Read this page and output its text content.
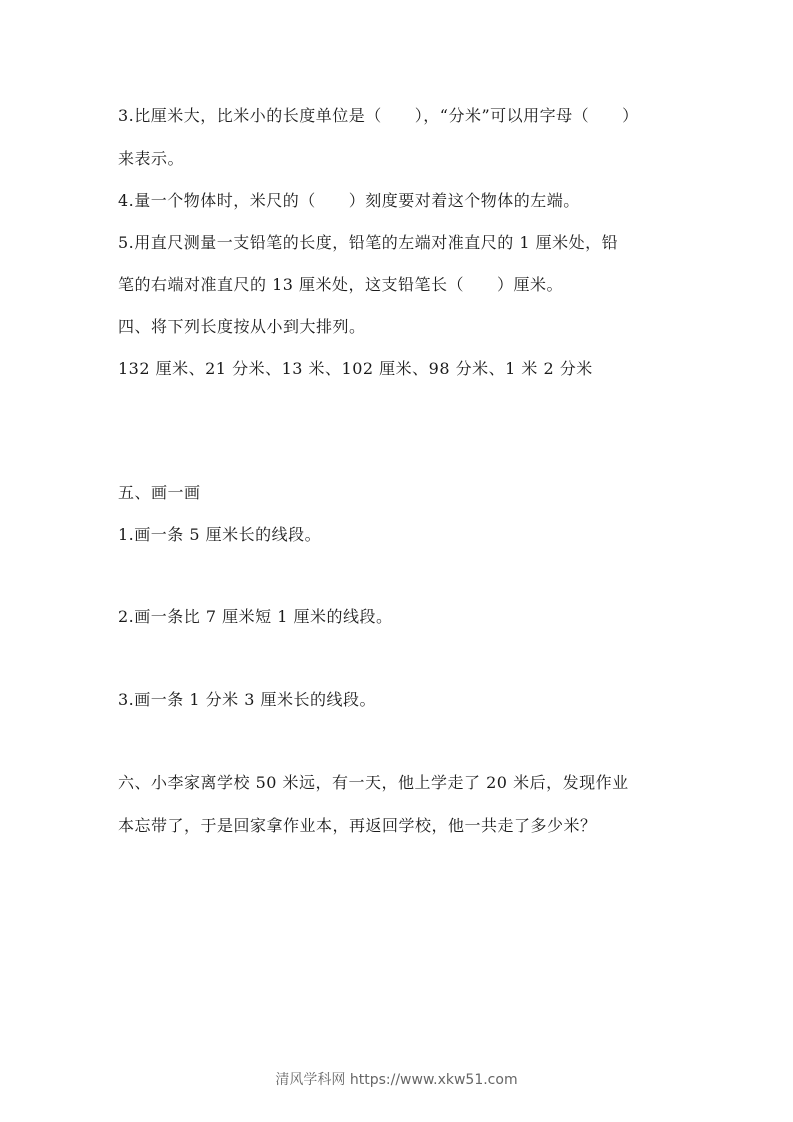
3.比厘米大，比米小的长度单位是（　　），“分米”可以用字母（　　）
来表示。
4.量一个物体时，米尺的（　　）刻度要对着这个物体的左端。
5.用直尺测量一支铅笔的长度，铅笔的左端对准直尺的 1 厘米处，铅
笔的右端对准直尺的 13 厘米处，这支铅笔长（　　）厘米。
四、将下列长度按从小到大排列。
132 厘米、21 分米、13 米、102 厘米、98 分米、1 米 2 分米
五、画一画
1.画一条 5 厘米长的线段。
2.画一条比 7 厘米短 1 厘米的线段。
3.画一条 1 分米 3 厘米长的线段。
六、小李家离学校 50 米远，有一天，他上学走了 20 米后，发现作业
本忘带了，于是回家拿作业本，再返回学校，他一共走了多少米？
清风学科网 https://www.xkw51.com
